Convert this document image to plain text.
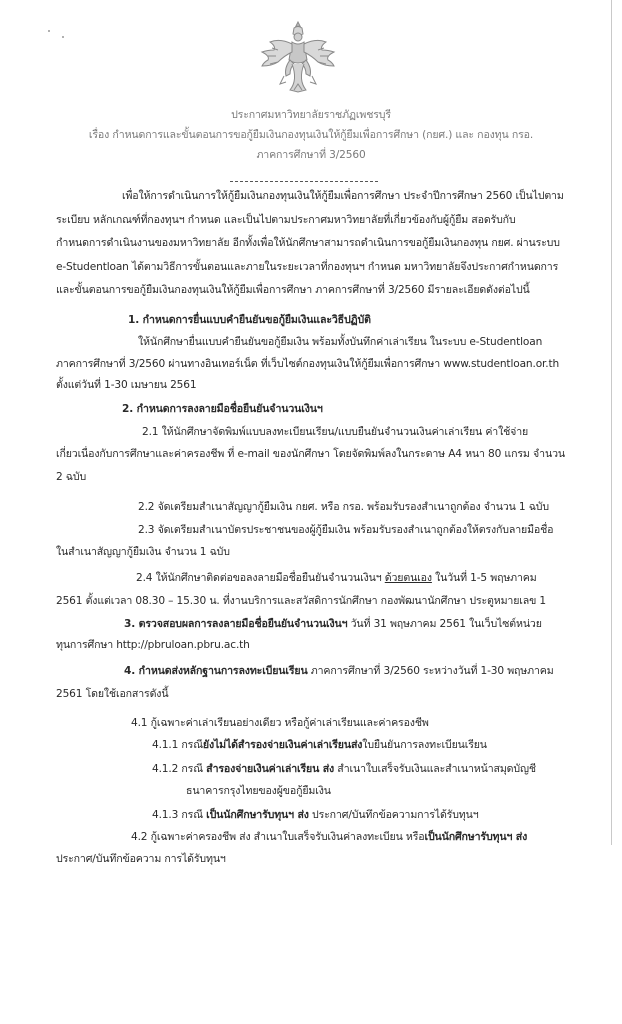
ประกาศมหาวิทยาลัยราชภัฏเพชรบุรี
เรื่อง กำหนดการและขั้นตอนการขอกู้ยืมเงินกองทุนเงินให้กู้ยืมเพื่อการศึกษา (กยศ.) และ กองทุน กรอ.
ภาคการศึกษาที่ 3/2560
เพื่อให้การดำเนินการให้กู้ยืมเงินกองทุนเงินให้กู้ยืมเพื่อการศึกษา ประจำปีการศึกษา 2560 เป็นไปตาม
ระเบียบ หลักเกณฑ์ที่กองทุนฯ กำหนด และเป็นไปตามประกาศมหาวิทยาลัยที่เกี่ยวข้องกับผู้กู้ยืม สอดรับกับ
กำหนดการดำเนินงานของมหาวิทยาลัย อีกทั้งเพื่อให้นักศึกษาสามารถดำเนินการขอกู้ยืมเงินกองทุน กยศ. ผ่านระบบ
e-Studentloan ได้ตามวิธีการขั้นตอนและภายในระยะเวลาที่กองทุนฯ กำหนด มหาวิทยาลัยจึงประกาศกำหนดการ
และขั้นตอนการขอกู้ยืมเงินกองทุนเงินให้กู้ยืมเพื่อการศึกษา ภาคการศึกษาที่ 3/2560 มีรายละเอียดดังต่อไปนี้
1. กำหนดการยื่นแบบคำยืนยันขอกู้ยืมเงินและวิธีปฏิบัติ
ให้นักศึกษายื่นแบบคำยืนยันขอกู้ยืมเงิน พร้อมทั้งบันทึกค่าเล่าเรียน ในระบบ e-Studentloan
ภาคการศึกษาที่ 3/2560 ผ่านทางอินเทอร์เน็ต ที่เว็บไซต์กองทุนเงินให้กู้ยืมเพื่อการศึกษา www.studentloan.or.th
ตั้งแต่วันที่ 1-30 เมษายน 2561
2. กำหนดการลงลายมือชื่อยืนยันจำนวนเงินฯ
2.1 ให้นักศึกษาจัดพิมพ์แบบลงทะเบียนเรียน/แบบยืนยันจำนวนเงินค่าเล่าเรียน ค่าใช้จ่าย
เกี่ยวเนื่องกับการศึกษาและค่าครองชีพ ที่ e-mail ของนักศึกษา โดยจัดพิมพ์ลงในกระดาษ A4 หนา 80 แกรม จำนวน
2 ฉบับ
2.2 จัดเตรียมสำเนาสัญญากู้ยืมเงิน กยศ. หรือ กรอ. พร้อมรับรองสำเนาถูกต้อง จำนวน 1 ฉบับ
2.3 จัดเตรียมสำเนาบัตรประชาชนของผู้กู้ยืมเงิน พร้อมรับรองสำเนาถูกต้องให้ตรงกับลายมือชื่อ
ในสำเนาสัญญากู้ยืมเงิน จำนวน 1 ฉบับ
2.4 ให้นักศึกษาติดต่อขอลงลายมือชื่อยืนยันจำนวนเงินฯ ด้วยตนเอง ในวันที่ 1-5 พฤษภาคม
2561 ตั้งแต่เวลา 08.30 – 15.30 น. ที่งานบริการและสวัสดิการนักศึกษา กองพัฒนานักศึกษา ประตูหมายเลข 1
3. ตรวจสอบผลการลงลายมือชื่อยืนยันจำนวนเงินฯ วันที่ 31 พฤษภาคม 2561 ในเว็บไซต์หน่วย
ทุนการศึกษา http://pbruloan.pbru.ac.th
4. กำหนดส่งหลักฐานการลงทะเบียนเรียน ภาคการศึกษาที่ 3/2560 ระหว่างวันที่ 1-30 พฤษภาคม
2561 โดยใช้เอกสารดังนี้
4.1 กู้เฉพาะค่าเล่าเรียนอย่างเดียว หรือกู้ค่าเล่าเรียนและค่าครองชีพ
4.1.1 กรณียังไม่ได้สำรองจ่ายเงินค่าเล่าเรียนส่งใบยืนยันการลงทะเบียนเรียน
4.1.2 กรณี สำรองจ่ายเงินค่าเล่าเรียน ส่ง สำเนาใบเสร็จรับเงินและสำเนาหน้าสมุดบัญชี
ธนาคารกรุงไทยของผู้ขอกู้ยืมเงิน
4.1.3 กรณี เป็นนักศึกษารับทุนฯ ส่ง ประกาศ/บันทึกข้อความการได้รับทุนฯ
4.2 กู้เฉพาะค่าครองชีพ ส่ง สำเนาใบเสร็จรับเงินค่าลงทะเบียน หรือเป็นนักศึกษารับทุนฯ ส่ง
ประกาศ/บันทึกข้อความ การได้รับทุนฯ
